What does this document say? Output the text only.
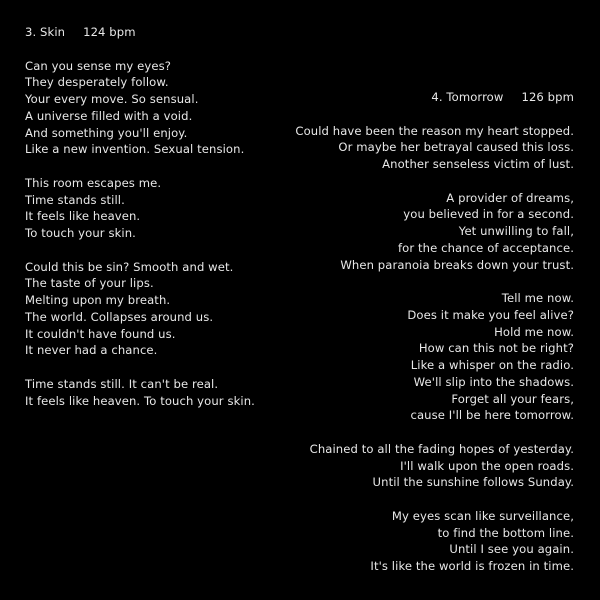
3. Skin 124 bpm
Can you sense my eyes?
They desperately follow.
Your every move. So sensual.
A universe filled with a void.
And something you'll enjoy.
Like a new invention. Sexual tension.
This room escapes me.
Time stands still.
It feels like heaven.
To touch your skin.
Could this be sin? Smooth and wet.
The taste of your lips.
Melting upon my breath.
The world. Collapses around us.
It couldn't have found us.
It never had a chance.
Time stands still. It can't be real.
It feels like heaven. To touch your skin.
4. Tomorrow 126 bpm
Could have been the reason my heart stopped.
Or maybe her betrayal caused this loss.
Another senseless victim of lust.
A provider of dreams,
you believed in for a second.
Yet unwilling to fall,
for the chance of acceptance.
When paranoia breaks down your trust.
Tell me now.
Does it make you feel alive?
Hold me now.
How can this not be right?
Like a whisper on the radio.
We'll slip into the shadows.
Forget all your fears,
cause I'll be here tomorrow.
Chained to all the fading hopes of yesterday.
I'll walk upon the open roads.
Until the sunshine follows Sunday.
My eyes scan like surveillance,
to find the bottom line.
Until I see you again.
It's like the world is frozen in time.
